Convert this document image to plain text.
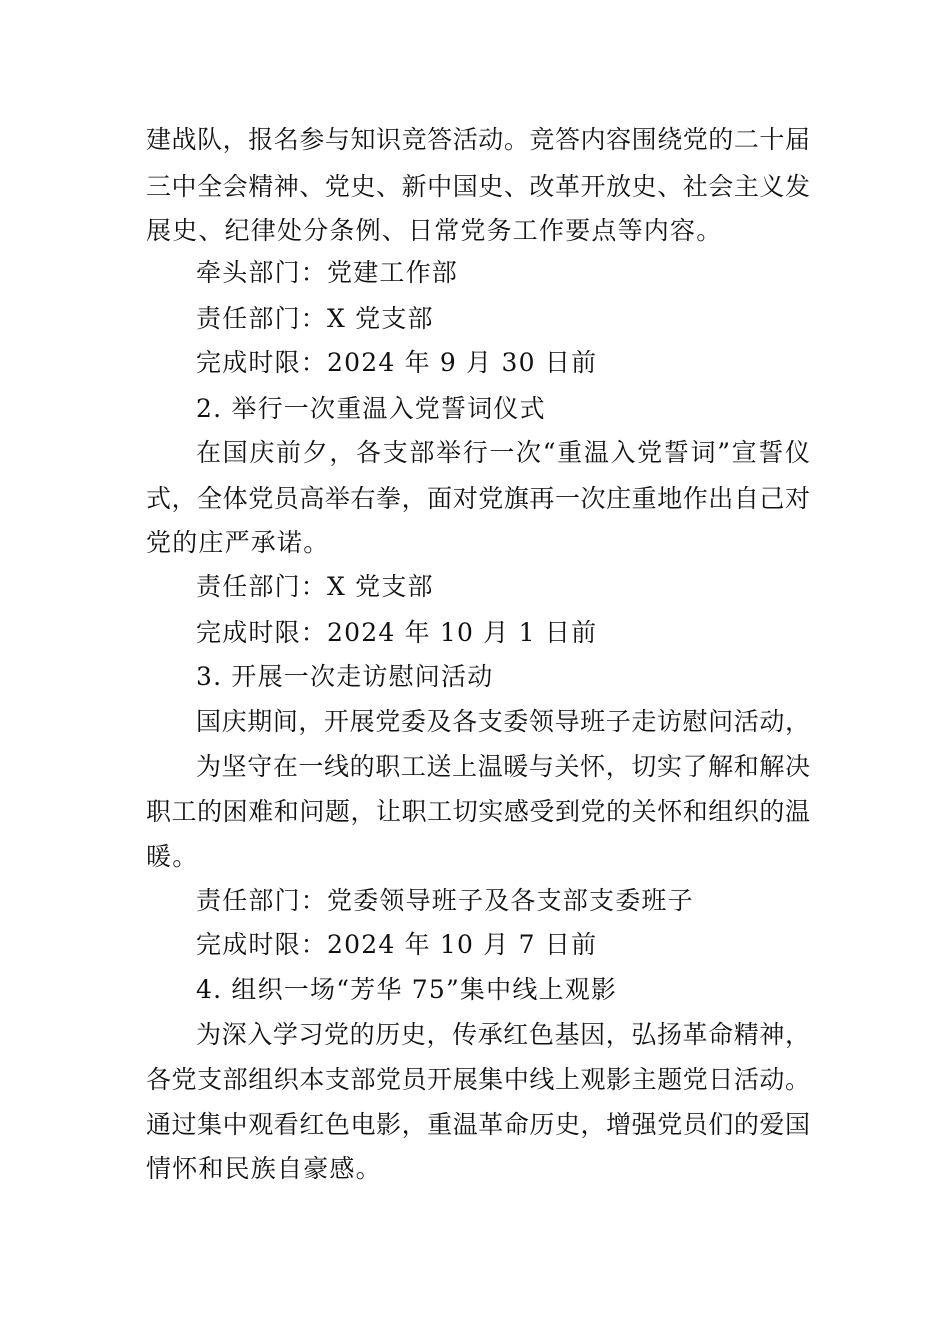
建战队，报名参与知识竞答活动。竞答内容围绕党的二十届
三中全会精神、党史、新中国史、改革开放史、社会主义发
展史、纪律处分条例、日常党务工作要点等内容。
牵头部门：党建工作部
责任部门：X 党支部
完成时限：2024 年 9 月 30 日前
2. 举行一次重温入党誓词仪式
在国庆前夕，各支部举行一次“重温入党誓词”宣誓仪
式，全体党员高举右拳，面对党旗再一次庄重地作出自己对
党的庄严承诺。
责任部门：X 党支部
完成时限：2024 年 10 月 1 日前
3. 开展一次走访慰问活动
国庆期间，开展党委及各支委领导班子走访慰问活动，
为坚守在一线的职工送上温暖与关怀，切实了解和解决
职工的困难和问题，让职工切实感受到党的关怀和组织的温
暖。
责任部门：党委领导班子及各支部支委班子
完成时限：2024 年 10 月 7 日前
4. 组织一场“芳华 75”集中线上观影
为深入学习党的历史，传承红色基因，弘扬革命精神，
各党支部组织本支部党员开展集中线上观影主题党日活动。
通过集中观看红色电影，重温革命历史，增强党员们的爱国
情怀和民族自豪感。
